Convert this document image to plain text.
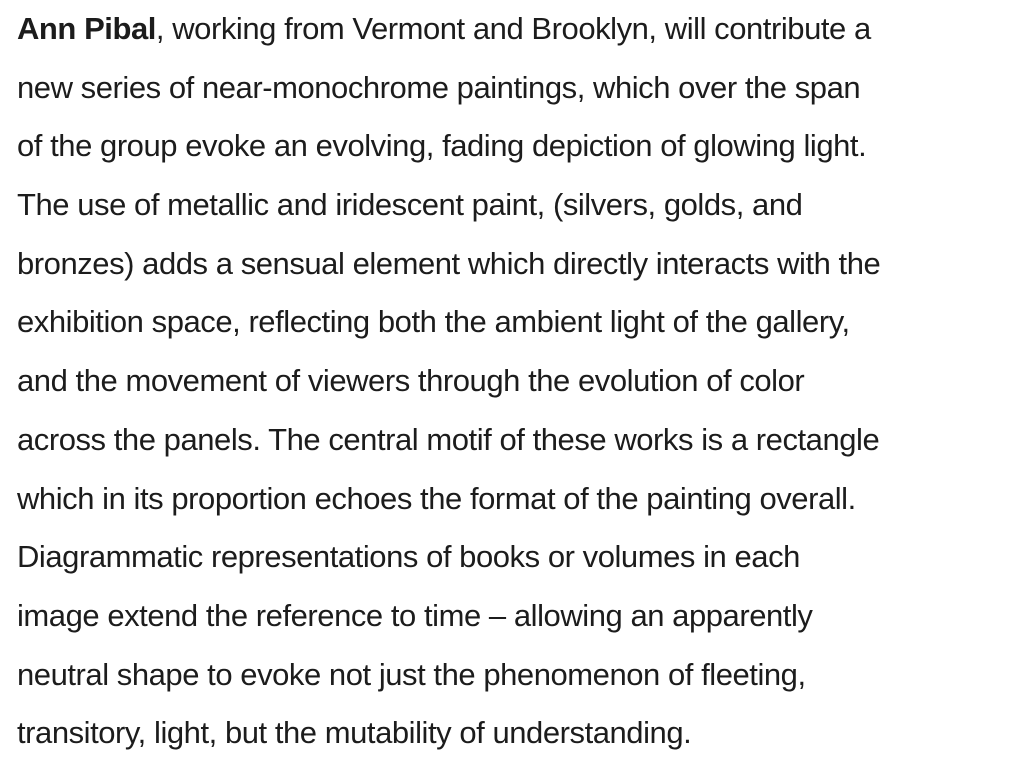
Ann Pibal, working from Vermont and Brooklyn, will contribute a
new series of near-monochrome paintings, which over the span
of the group evoke an evolving, fading depiction of glowing light.
The use of metallic and iridescent paint, (silvers, golds, and
bronzes) adds a sensual element which directly interacts with the
exhibition space, reflecting both the ambient light of the gallery,
and the movement of viewers through the evolution of color
across the panels. The central motif of these works is a rectangle
which in its proportion echoes the format of the painting overall.
Diagrammatic representations of books or volumes in each
image extend the reference to time – allowing an apparently
neutral shape to evoke not just the phenomenon of fleeting,
transitory, light, but the mutability of understanding.
